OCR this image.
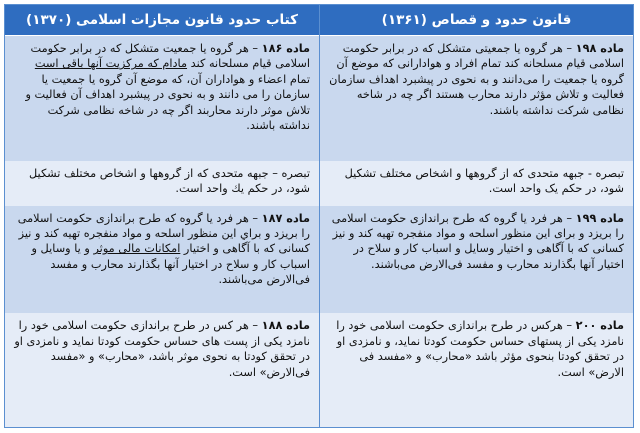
قانون حدود و قصاص (۱۳۶۱)
ماده ۱۹۸ – هر گروه یا جمعیتی متشکل که در برابر حکومت اسلامی قیام مسلحانه کند تمام افراد و هوادارانی که موضع آن گروه یا جمعیت را می‌دانند و به نحوی در پیشبرد اهداف سازمان فعالیت و تلاش مؤثر دارند محارب هستند اگر چه در شاخه نظامی شرکت نداشته باشند.
تبصره - جبهه متحدی که از گروهها و اشخاص مختلف تشکیل شود، در حکم یک واحد است.
ماده ۱۹۹ – هر فرد یا گروه که طرح براندازی حکومت اسلامی را بریزد و برای این منظور اسلحه و مواد منفجره تهیه کند و نیز کسانی که با آگاهی و اختیار وسایل و اسباب کار و سلاح در اختیار آنها بگذارند محارب و مفسد فی‌الارض می‌باشند.
ماده ۲۰۰ – هرکس در طرح براندازی حکومت اسلامی خود را نامزد یکی از پستهای حساس حکومت کودتا نماید، و نامزدی او در تحقق کودتا بنحوی مؤثر باشد «محارب» و «مفسد فی الارض» است.
کتاب حدود قانون مجازات اسلامی (۱۳۷۰)
ماده ۱۸۶ – هر گروه یا جمعیت متشکل که در برابر حکومت اسلامی قیام مسلحانه کند مادام که مرکزیت آنها باقی است تمام اعضاء و هواداران آن، که موضع آن گروه یا جمعیت یا سازمان را می دانند و به نحوی در پیشبرد اهداف آن فعالیت و تلاش موثر دارند محاربند اگر چه در شاخه نظامی شرکت نداشته باشند.
تبصره – جبهه متحدی که از گروهها و اشخاص مختلف تشکیل شود، در حکم یك واحد است.
ماده ۱۸۷ – هر فرد یا گروه که طرح براندازی حکومت اسلامی را بریزد و براي این منظور اسلحه و مواد منفجره تهیه کند و نیز کسانی که با آگاهی و اختیار امکانات مالی موثر و یا وسایل و اسباب کار و سلاح در اختیار آنها بگذارند محارب و مفسد فی‌الارض می‌باشند.
ماده ۱۸۸ – هر کس در طرح براندازی حکومت اسلامی خود را نامزد یکی از پست های حساس حکومت کودتا نماید و نامزدی او در تحقق کودتا به نحوی موثر باشد، «محارب» و «مفسد فی‌الارض» است.
